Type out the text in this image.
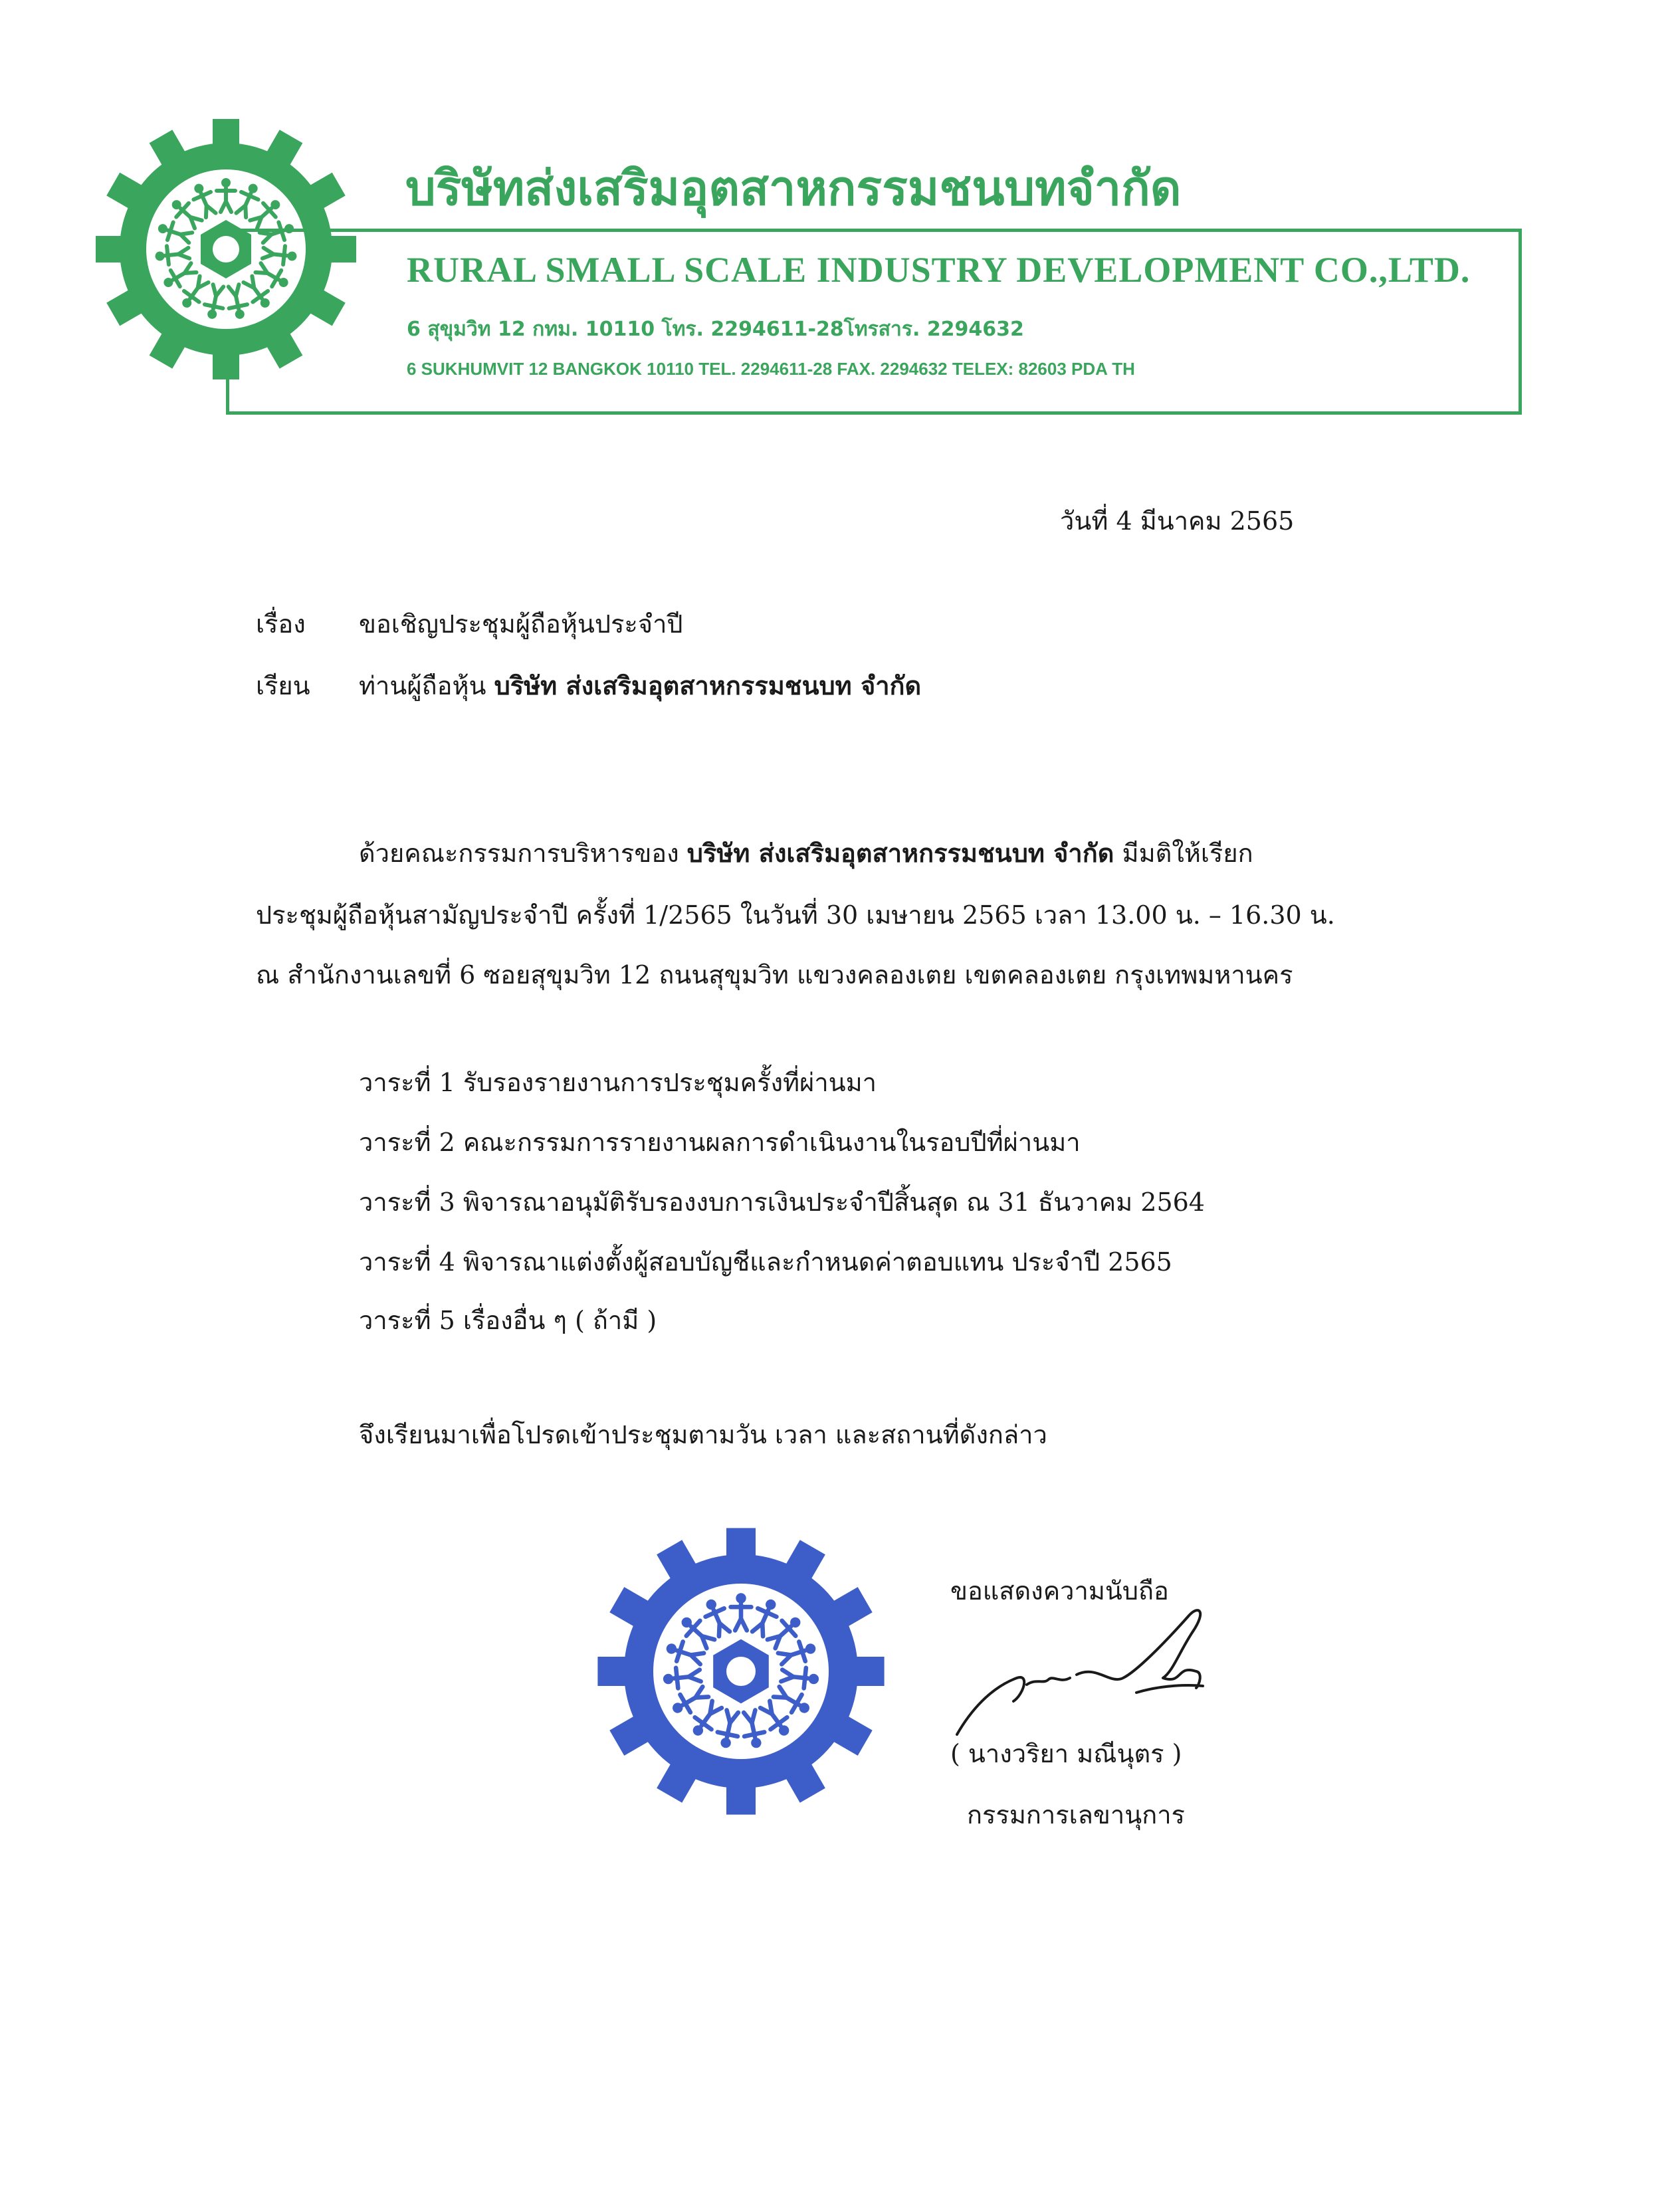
บริษัทส่งเสริมอุตสาหกรรมชนบทจำกัด
RURAL SMALL SCALE INDUSTRY DEVELOPMENT CO.,LTD.
6 สุขุมวิท 12 กทม. 10110 โทร. 2294611-28โทรสาร. 2294632
6 SUKHUMVIT 12 BANGKOK 10110 TEL. 2294611-28 FAX. 2294632 TELEX: 82603 PDA TH
วันที่ 4 มีนาคม 2565
เรื่อง ขอเชิญประชุมผู้ถือหุ้นประจำปี
เรียน ท่านผู้ถือหุ้น บริษัท ส่งเสริมอุตสาหกรรมชนบท จำกัด
ด้วยคณะกรรมการบริหารของ บริษัท ส่งเสริมอุตสาหกรรมชนบท จำกัด มีมติให้เรียก
ประชุมผู้ถือหุ้นสามัญประจำปี ครั้งที่ 1/2565 ในวันที่ 30 เมษายน 2565 เวลา 13.00 น. – 16.30 น.
ณ สำนักงานเลขที่ 6 ซอยสุขุมวิท 12 ถนนสุขุมวิท แขวงคลองเตย เขตคลองเตย กรุงเทพมหานคร
วาระที่ 1 รับรองรายงานการประชุมครั้งที่ผ่านมา
วาระที่ 2 คณะกรรมการรายงานผลการดำเนินงานในรอบปีที่ผ่านมา
วาระที่ 3 พิจารณาอนุมัติรับรองงบการเงินประจำปีสิ้นสุด ณ 31 ธันวาคม 2564
วาระที่ 4 พิจารณาแต่งตั้งผู้สอบบัญชีและกำหนดค่าตอบแทน ประจำปี 2565
วาระที่ 5 เรื่องอื่น ๆ ( ถ้ามี )
จึงเรียนมาเพื่อโปรดเข้าประชุมตามวัน เวลา และสถานที่ดังกล่าว
ขอแสดงความนับถือ
( นางวริยา มณีนุตร )
กรรมการเลขานุการ
